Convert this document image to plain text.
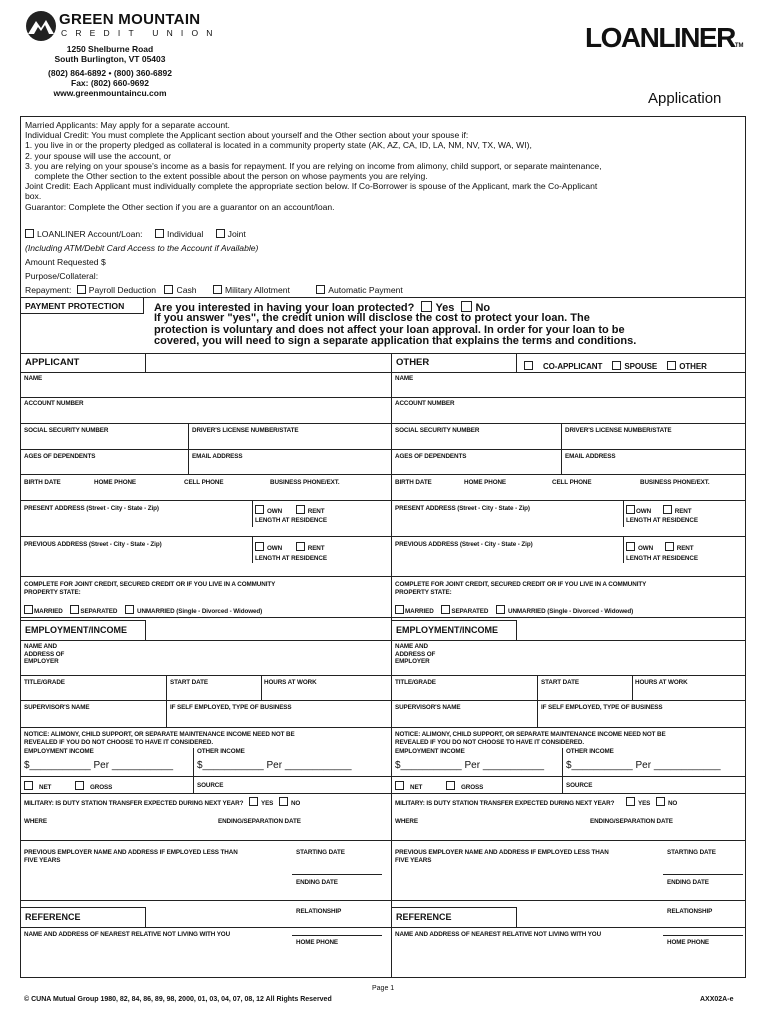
GREEN MOUNTAIN
CREDIT UNION
1250 Shelburne Road
South Burlington, VT 05403
(802) 864-6892 • (800) 360-6892
Fax: (802) 660-9692
www.greenmountaincu.com
LOANLINERTM
Application
Married Applicants: May apply for a separate account.
Individual Credit: You must complete the Applicant section about yourself and the Other section about your spouse if:
1. you live in or the property pledged as collateral is located in a community property state (AK, AZ, CA, ID, LA, NM, NV, TX, WA, WI),
2. your spouse will use the account, or
3. you are relying on your spouse's income as a basis for repayment. If you are relying on income from alimony, child support, or separate maintenance,
complete the Other section to the extent possible about the person on whose payments you are relying.
Joint Credit: Each Applicant must individually complete the appropriate section below. If Co-Borrower is spouse of the Applicant, mark the Co-Applicant
box.
Guarantor: Complete the Other section if you are a guarantor on an account/loan.
LOANLINER Account/Loan:	Individual	Joint
(Including ATM/Debit Card Access to the Account if Available)
Amount Requested $
Purpose/Collateral:
Repayment: Payroll Deduction Cash	Military Allotment	Automatic Payment
PAYMENT PROTECTION	Are you interested in having your loan protected? Yes No
If you answer "yes", the credit union will disclose the cost to protect your loan. The
protection is voluntary and does not affect your loan approval. In order for your loan to be
covered, you will need to sign a separate application that explains the terms and conditions.
APPLICANT
NAME
ACCOUNT NUMBER
SOCIAL SECURITY NUMBER	DRIVER'S LICENSE NUMBER/STATE
AGES OF DEPENDENTS	EMAIL ADDRESS
BIRTH DATE	HOME PHONE	CELL PHONE	BUSINESS PHONE/EXT.
PRESENT ADDRESS (Street - City - State - Zip)	OWN	RENT
LENGTH AT RESIDENCE
PREVIOUS ADDRESS (Street - City - State - Zip)
OWN	RENT
LENGTH AT RESIDENCE
COMPLETE FOR JOINT CREDIT, SECURED CREDIT OR IF YOU LIVE IN A COMMUNITY
PROPERTY STATE:
MARRIED	SEPARATED	UNMARRIED (Single - Divorced - Widowed)
EMPLOYMENT/INCOME
NAME AND
ADDRESS OF
EMPLOYER
TITLE/GRADE	START DATE	HOURS AT WORK
SUPERVISOR'S NAME	IF SELF EMPLOYED, TYPE OF BUSINESS
NOTICE: ALIMONY, CHILD SUPPORT, OR SEPARATE MAINTENANCE INCOME NEED NOT BE
REVEALED IF YOU DO NOT CHOOSE TO HAVE IT CONSIDERED.
EMPLOYMENT INCOME	OTHER INCOME
$___________ Per ___________ $___________ Per ____________
NET	GROSS	SOURCE
MILITARY: IS DUTY STATION TRANSFER EXPECTED DURING NEXT YEAR?	YES	NO
WHERE	ENDING/SEPARATION DATE
PREVIOUS EMPLOYER NAME AND ADDRESS IF EMPLOYED LESS THAN
FIVE YEARS
STARTING DATE
ENDING DATE
RELATIONSHIP
REFERENCE
NAME AND ADDRESS OF NEAREST RELATIVE NOT LIVING WITH YOU
HOME PHONE
OTHER	CO-APPLICANT	SPOUSE	OTHER
NAME
ACCOUNT NUMBER
SOCIAL SECURITY NUMBER	DRIVER'S LICENSE NUMBER/STATE
AGES OF DEPENDENTS	EMAIL ADDRESS
BIRTH DATE	HOME PHONE	CELL PHONE	BUSINESS PHONE/EXT.
PRESENT ADDRESS (Street - City - State - Zip)	OWN	RENT
LENGTH AT RESIDENCE
PREVIOUS ADDRESS (Street - City - State - Zip)
OWN	RENT
LENGTH AT RESIDENCE
COMPLETE FOR JOINT CREDIT, SECURED CREDIT OR IF YOU LIVE IN A COMMUNITY
PROPERTY STATE:
MARRIED	SEPARATED	UNMARRIED (Single - Divorced - Widowed)
EMPLOYMENT/INCOME
NAME AND
ADDRESS OF
EMPLOYER
TITLE/GRADE	START DATE	HOURS AT WORK
SUPERVISOR'S NAME	IF SELF EMPLOYED, TYPE OF BUSINESS
NOTICE: ALIMONY, CHILD SUPPORT, OR SEPARATE MAINTENANCE INCOME NEED NOT BE
REVEALED IF YOU DO NOT CHOOSE TO HAVE IT CONSIDERED.
EMPLOYMENT INCOME	OTHER INCOME
$___________ Per ___________ $___________ Per ____________
NET	GROSS	SOURCE
MILITARY: IS DUTY STATION TRANSFER EXPECTED DURING NEXT YEAR?	YES	NO
WHERE	ENDING/SEPARATION DATE
PREVIOUS EMPLOYER NAME AND ADDRESS IF EMPLOYED LESS THAN
FIVE YEARS
STARTING DATE
ENDING DATE
RELATIONSHIP
REFERENCE
NAME AND ADDRESS OF NEAREST RELATIVE NOT LIVING WITH YOU
HOME PHONE
Page 1
© CUNA Mutual Group 1980, 82, 84, 86, 89, 98, 2000, 01, 03, 04, 07, 08, 12 All Rights Reserved	AXX02A-e
